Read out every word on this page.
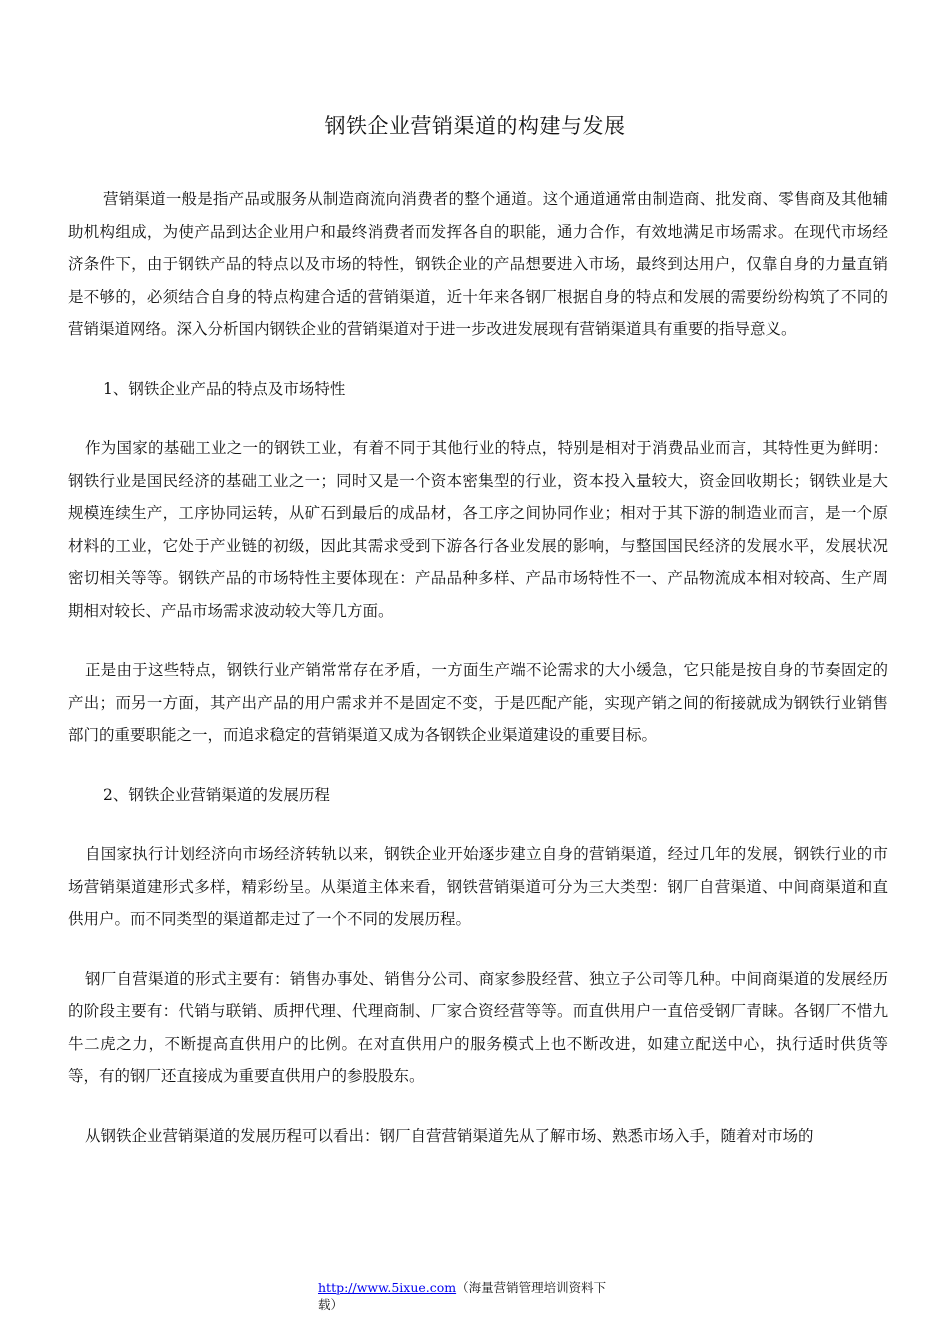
钢铁企业营销渠道的构建与发展

营销渠道一般是指产品或服务从制造商流向消费者的整个通道。这个通道通常由制造商、批发商、零售商及其他辅助机构组成，为使产品到达企业用户和最终消费者而发挥各自的职能，通力合作，有效地满足市场需求。在现代市场经济条件下，由于钢铁产品的特点以及市场的特性，钢铁企业的产品想要进入市场，最终到达用户，仅靠自身的力量直销是不够的，必须结合自身的特点构建合适的营销渠道，近十年来各钢厂根据自身的特点和发展的需要纷纷构筑了不同的营销渠道网络。深入分析国内钢铁企业的营销渠道对于进一步改进发展现有营销渠道具有重要的指导意义。

1、钢铁企业产品的特点及市场特性

作为国家的基础工业之一的钢铁工业，有着不同于其他行业的特点，特别是相对于消费品业而言，其特性更为鲜明：钢铁行业是国民经济的基础工业之一；同时又是一个资本密集型的行业，资本投入量较大，资金回收期长；钢铁业是大规模连续生产，工序协同运转，从矿石到最后的成品材，各工序之间协同作业；相对于其下游的制造业而言，是一个原材料的工业，它处于产业链的初级，因此其需求受到下游各行各业发展的影响，与整国国民经济的发展水平，发展状况密切相关等等。钢铁产品的市场特性主要体现在：产品品种多样、产品市场特性不一、产品物流成本相对较高、生产周期相对较长、产品市场需求波动较大等几方面。

正是由于这些特点，钢铁行业产销常常存在矛盾，一方面生产端不论需求的大小缓急，它只能是按自身的节奏固定的产出；而另一方面，其产出产品的用户需求并不是固定不变，于是匹配产能，实现产销之间的衔接就成为钢铁行业销售部门的重要职能之一，而追求稳定的营销渠道又成为各钢铁企业渠道建设的重要目标。

2、钢铁企业营销渠道的发展历程

自国家执行计划经济向市场经济转轨以来，钢铁企业开始逐步建立自身的营销渠道，经过几年的发展，钢铁行业的市场营销渠道建形式多样，精彩纷呈。从渠道主体来看，钢铁营销渠道可分为三大类型：钢厂自营渠道、中间商渠道和直供用户。而不同类型的渠道都走过了一个不同的发展历程。

钢厂自营渠道的形式主要有：销售办事处、销售分公司、商家参股经营、独立子公司等几种。中间商渠道的发展经历的阶段主要有：代销与联销、质押代理、代理商制、厂家合资经营等等。而直供用户一直倍受钢厂青睐。各钢厂不惜九牛二虎之力，不断提高直供用户的比例。在对直供用户的服务模式上也不断改进，如建立配送中心，执行适时供货等等，有的钢厂还直接成为重要直供用户的参股股东。

从钢铁企业营销渠道的发展历程可以看出：钢厂自营营销渠道先从了解市场、熟悉市场入手，随着对市场的

http://www.5ixue.com（海量营销管理培训资料下载）
